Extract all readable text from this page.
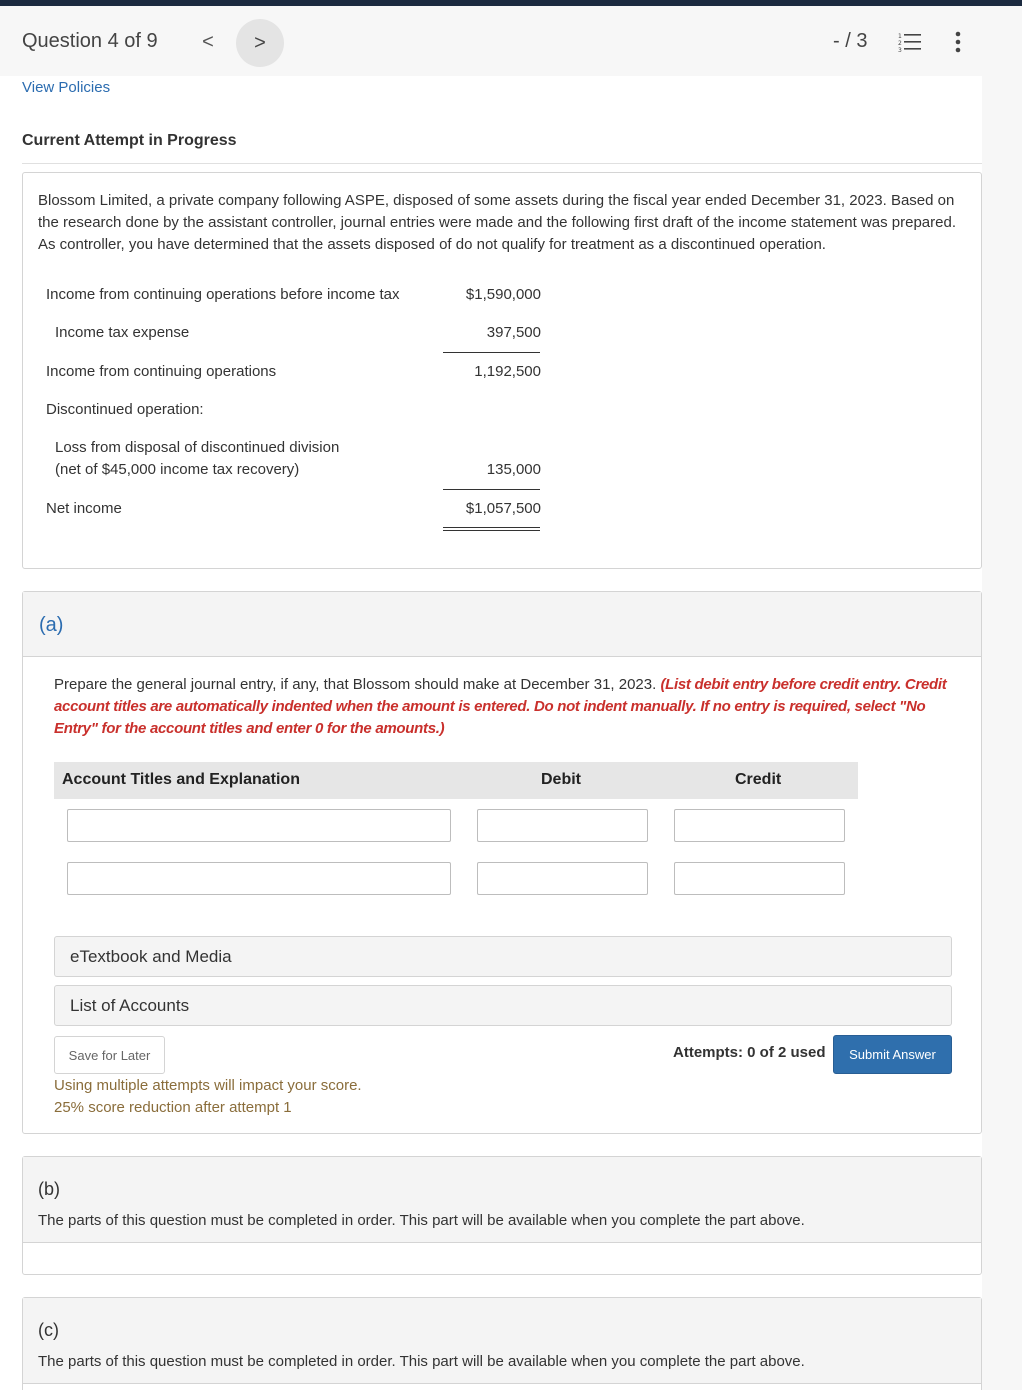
Question 4 of 9 < >	- / 3	1
2
3
View Policies
Current Attempt in Progress
Blossom Limited, a private company following ASPE, disposed of some assets during the fiscal year ended December 31, 2023. Based on the research done by the assistant controller, journal entries were made and the following first draft of the income statement was prepared. As controller, you have determined that the assets disposed of do not qualify for treatment as a discontinued operation.
Income from continuing operations before income tax	$1,590,000
Income tax expense	397,500
Income from continuing operations	1,192,500
Discontinued operation:
Loss from disposal of discontinued division
(net of $45,000 income tax recovery)	135,000
Net income	$1,057,500
(a)
Prepare the general journal entry, if any, that Blossom should make at December 31, 2023. (List debit entry before credit entry. Credit account titles are automatically indented when the amount is entered. Do not indent manually. If no entry is required, select "No Entry" for the account titles and enter 0 for the amounts.)
Account Titles and Explanation	Debit	Credit
eTextbook and Media
List of Accounts
Save for Later
Using multiple attempts will impact your score.
25% score reduction after attempt 1
Attempts: 0 of 2 used	Submit Answer
(b)
The parts of this question must be completed in order. This part will be available when you complete the part above.
(c)
The parts of this question must be completed in order. This part will be available when you complete the part above.
